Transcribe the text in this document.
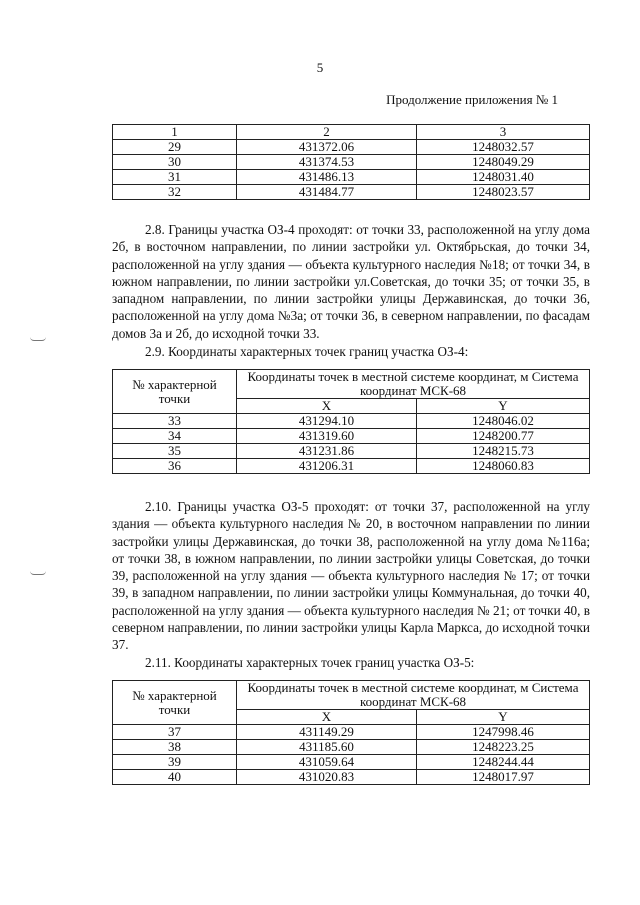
5
Продолжение приложения № 1
1	2	3
29	431372.06	1248032.57
30	431374.53	1248049.29
31	431486.13	1248031.40
32	431484.77	1248023.57
2.8. Границы участка ОЗ-4 проходят: от точки 33, расположенной на углу дома 2б, в восточном направлении, по линии застройки ул. Октябрьская, до точки 34, расположенной на углу здания — объекта культурного наследия №18; от точки 34, в южном направлении, по линии застройки ул.Советская, до точки 35; от точки 35, в западном направлении, по линии застройки улицы Державинская, до точки 36, расположенной на углу дома №3а; от точки 36, в северном направлении, по фасадам домов 3а и 2б, до исходной точки 33.
2.9. Координаты характерных точек границ участка ОЗ-4:
№ характерной точки	Координаты точек в местной системе координат, м Система координат МСК-68	
	X	Y
33	431294.10	1248046.02
34	431319.60	1248200.77
35	431231.86	1248215.73
36	431206.31	1248060.83
2.10. Границы участка ОЗ-5 проходят: от точки 37, расположенной на углу здания — объекта культурного наследия № 20, в восточном направлении по линии застройки улицы Державинская, до точки 38, расположенной на углу дома №116а; от точки 38, в южном направлении, по линии застройки улицы Советская, до точки 39, расположенной на углу здания — объекта культурного наследия № 17; от точки 39, в западном направлении, по линии застройки улицы Коммунальная, до точки 40, расположенной на углу здания — объекта культурного наследия № 21; от точки 40, в северном направлении, по линии застройки улицы Карла Маркса, до исходной точки 37.
2.11. Координаты характерных точек границ участка ОЗ-5:
№ характерной точки	Координаты точек в местной системе координат, м Система координат МСК-68	
	X	Y
37	431149.29	1247998.46
38	431185.60	1248223.25
39	431059.64	1248244.44
40	431020.83	1248017.97
